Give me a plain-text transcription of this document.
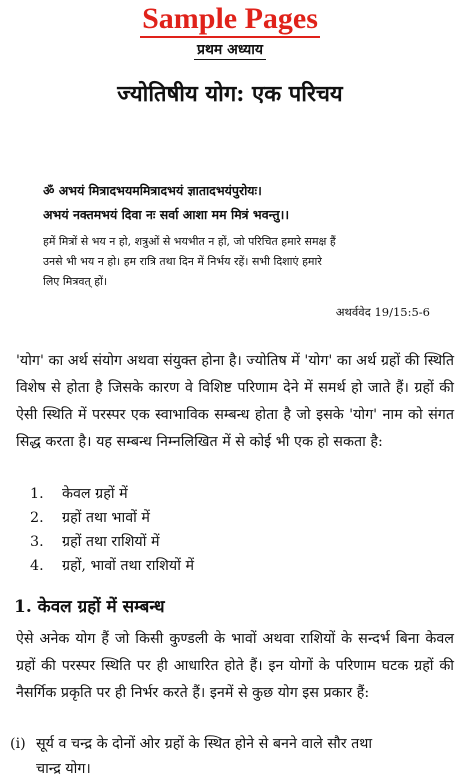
Sample Pages
प्रथम अध्याय
ज्योतिषीय योग: एक परिचय
ॐ अभयं मित्रादभयममित्रादभयं ज्ञातादभयंपुरोयः।
अभयं नक्तमभयं दिवा नः सर्वा आशा मम मित्रं भवन्तु।।
हमें मित्रों से भय न हो, शत्रुओं से भयभीत न हों, जो परिचित हमारे समक्ष हैं
उनसे भी भय न हो। हम रात्रि तथा दिन में निर्भय रहें। सभी दिशाएं हमारे
लिए मित्रवत् हों।
अथर्ववेद 19/15:5-6
'योग' का अर्थ संयोग अथवा संयुक्त होना है। ज्योतिष में 'योग' का अर्थ ग्रहों की स्थिति विशेष से होता है जिसके कारण वे विशिष्ट परिणाम देने में समर्थ हो जाते हैं। ग्रहों की ऐसी स्थिति में परस्पर एक स्वाभाविक सम्बन्ध होता है जो इसके 'योग' नाम को संगत सिद्ध करता है। यह सम्बन्ध निम्नलिखित में से कोई भी एक हो सकता है:
1. केवल ग्रहों में
2. ग्रहों तथा भावों में
3. ग्रहों तथा राशियों में
4. ग्रहों, भावों तथा राशियों में
1. केवल ग्रहों में सम्बन्ध
ऐसे अनेक योग हैं जो किसी कुण्डली के भावों अथवा राशियों के सन्दर्भ बिना केवल ग्रहों की परस्पर स्थिति पर ही आधारित होते हैं। इन योगों के परिणाम घटक ग्रहों की नैसर्गिक प्रकृति पर ही निर्भर करते हैं। इनमें से कुछ योग इस प्रकार हैं:
(i) सूर्य व चन्द्र के दोनों ओर ग्रहों के स्थित होने से बनने वाले सौर तथा
चान्द्र योग।
